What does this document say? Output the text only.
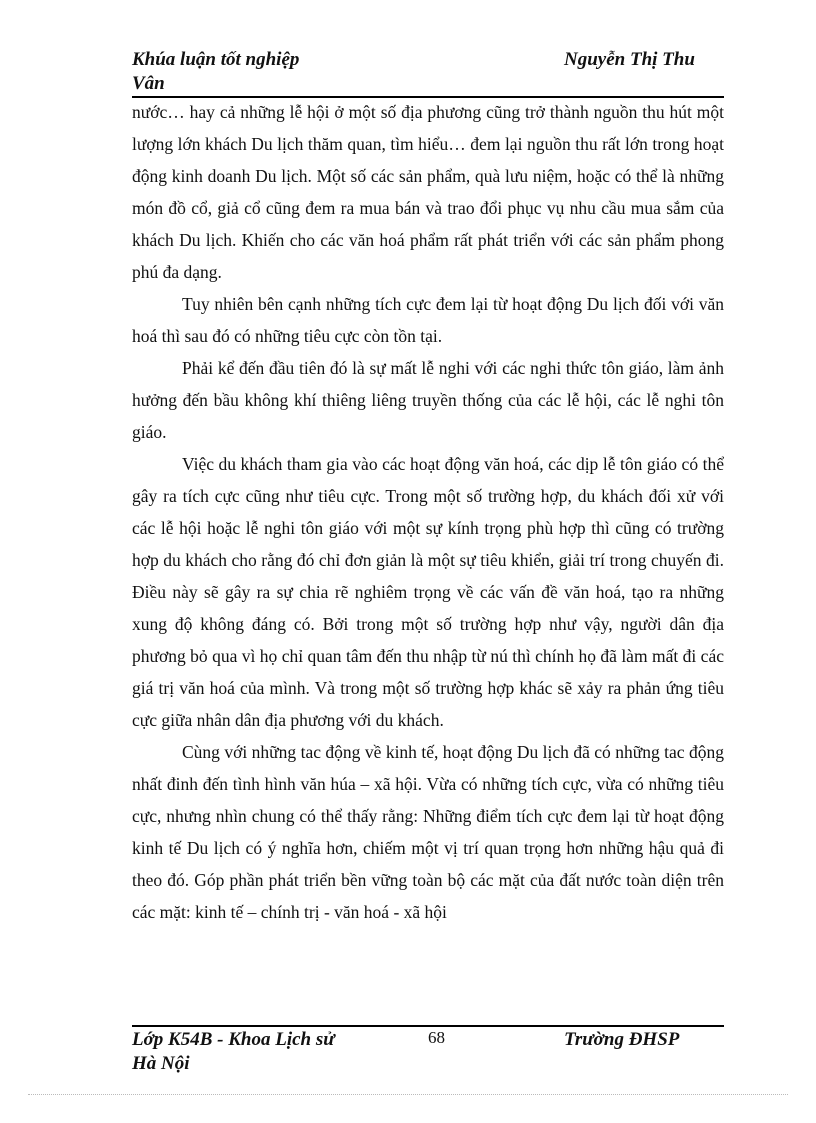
Khúa luận tốt nghiệp	Nguyễn Thị Thu
Vân

nước… hay cả những lễ hội ở một số địa phương cũng trở thành nguồn thu hút một lượng lớn khách Du lịch thăm quan, tìm hiểu… đem lại nguồn thu rất lớn trong hoạt động kinh doanh Du lịch. Một số các sản phẩm, quà lưu niệm, hoặc có thể là những món đồ cổ, giả cổ cũng đem ra mua bán và trao đổi phục vụ nhu cầu mua sắm của khách Du lịch. Khiến cho các văn hoá phẩm rất phát triển với các sản phẩm phong phú đa dạng.

Tuy nhiên bên cạnh những tích cực đem lại từ hoạt động Du lịch đối với văn hoá thì sau đó có những tiêu cực còn tồn tại.

Phải kể đến đầu tiên đó là sự mất lễ nghi với các nghi thức tôn giáo, làm ảnh hưởng đến bầu không khí thiêng liêng truyền thống của các lễ hội, các lễ nghi tôn giáo.

Việc du khách tham gia vào các hoạt động văn hoá, các dịp lễ tôn giáo có thể gây ra tích cực cũng như tiêu cực. Trong một số trường hợp, du khách đối xử với các lễ hội hoặc lễ nghi tôn giáo với một sự kính trọng phù hợp thì cũng có trường hợp du khách cho rằng đó chỉ đơn giản là một sự tiêu khiển, giải trí trong chuyến đi. Điều này sẽ gây ra sự chia rẽ nghiêm trọng về các vấn đề văn hoá, tạo ra những xung độ không đáng có. Bởi trong một số trường hợp như vậy, người dân địa phương bỏ qua vì họ chỉ quan tâm đến thu nhập từ nú thì chính họ đã làm mất đi các giá trị văn hoá của mình. Và trong một số trường hợp khác sẽ xảy ra phản ứng tiêu cực giữa nhân dân địa phương với du khách.

Cùng với những tac động về kinh tế, hoạt động Du lịch đã có những tac động nhất đinh đến tình hình văn húa – xã hội. Vừa có những tích cực, vừa có những tiêu cực, nhưng nhìn chung có thể thấy rằng: Những điểm tích cực đem lại từ hoạt động kinh tế Du lịch có ý nghĩa hơn, chiếm một vị trí quan trọng hơn những hậu quả đi theo đó. Góp phần phát triển bền vững toàn bộ các mặt của đất nước toàn diện trên các mặt: kinh tế – chính trị - văn hoá - xã hội

Lớp K54B - Khoa Lịch sử	Trường ĐHSP
Hà Nội
68
